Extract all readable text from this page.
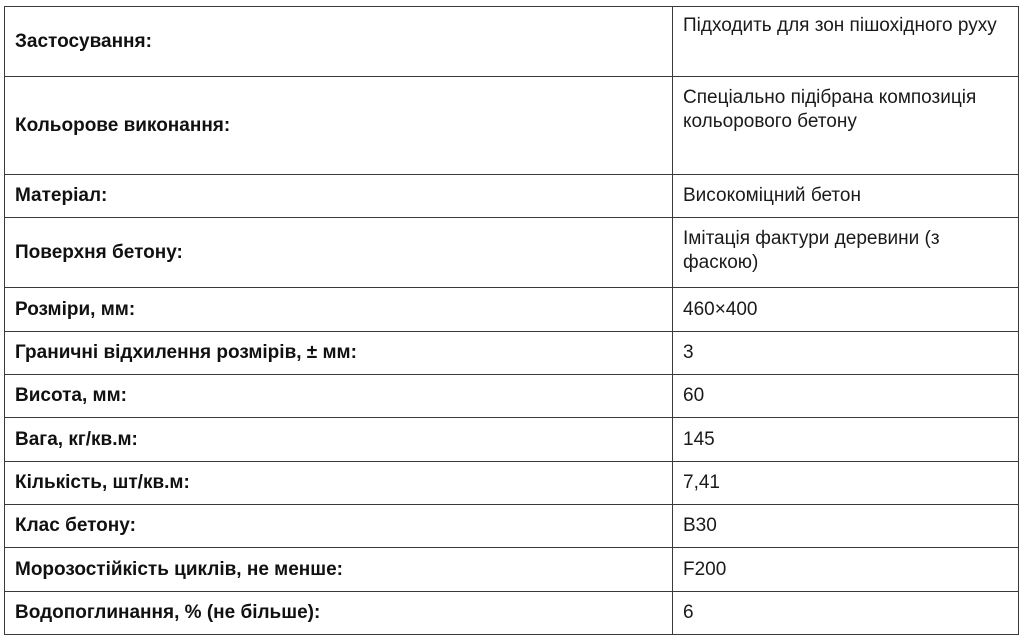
Застосування:	Підходить для зон пішохідного руху
Кольорове виконання:	Спеціально підібрана композиція кольорового бетону
Матеріал:	Високоміцний бетон
Поверхня бетону:	Імітація фактури деревини (з фаскою)
Розміри, мм:	460×400
Граничні відхилення розмірів, ± мм:	3
Висота, мм:	60
Вага, кг/кв.м:	145
Кількість, шт/кв.м:	7,41
Клас бетону:	B30
Морозостійкість циклів, не менше:	F200
Водопоглинання, % (не більше):	6
